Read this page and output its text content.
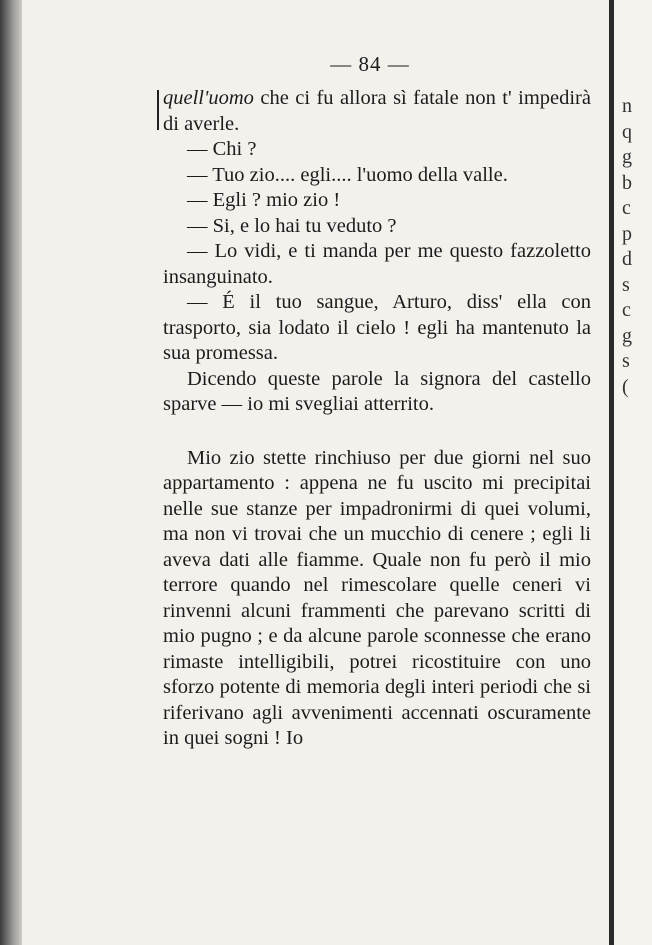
n
q
g
b
c
p
d
s
c
g
s
(
— 84 —

quell'uomo che ci fu allora sì fatale non t' impedirà di averle.

— Chi ?

— Tuo zio.... egli.... l'uomo della valle.

— Egli ? mio zio !

— Si, e lo hai tu veduto ?

— Lo vidi, e ti manda per me questo fazzoletto insanguinato.

— É il tuo sangue, Arturo, diss' ella con trasporto, sia lodato il cielo ! egli ha mantenuto la sua promessa.

Dicendo queste parole la signora del castello sparve — io mi svegliai atterrito.

Mio zio stette rinchiuso per due giorni nel suo appartamento : appena ne fu uscito mi precipitai nelle sue stanze per impadronirmi di quei volumi, ma non vi trovai che un mucchio di cenere ; egli li aveva dati alle fiamme. Quale non fu però il mio terrore quando nel rimescolare quelle ceneri vi rinvenni alcuni frammenti che parevano scritti di mio pugno ; e da alcune parole sconnesse che erano rimaste intelligibili, potrei ricostituire con uno sforzo potente di memoria degli interi periodi che si riferivano agli avvenimenti accennati oscuramente in quei sogni ! Io
